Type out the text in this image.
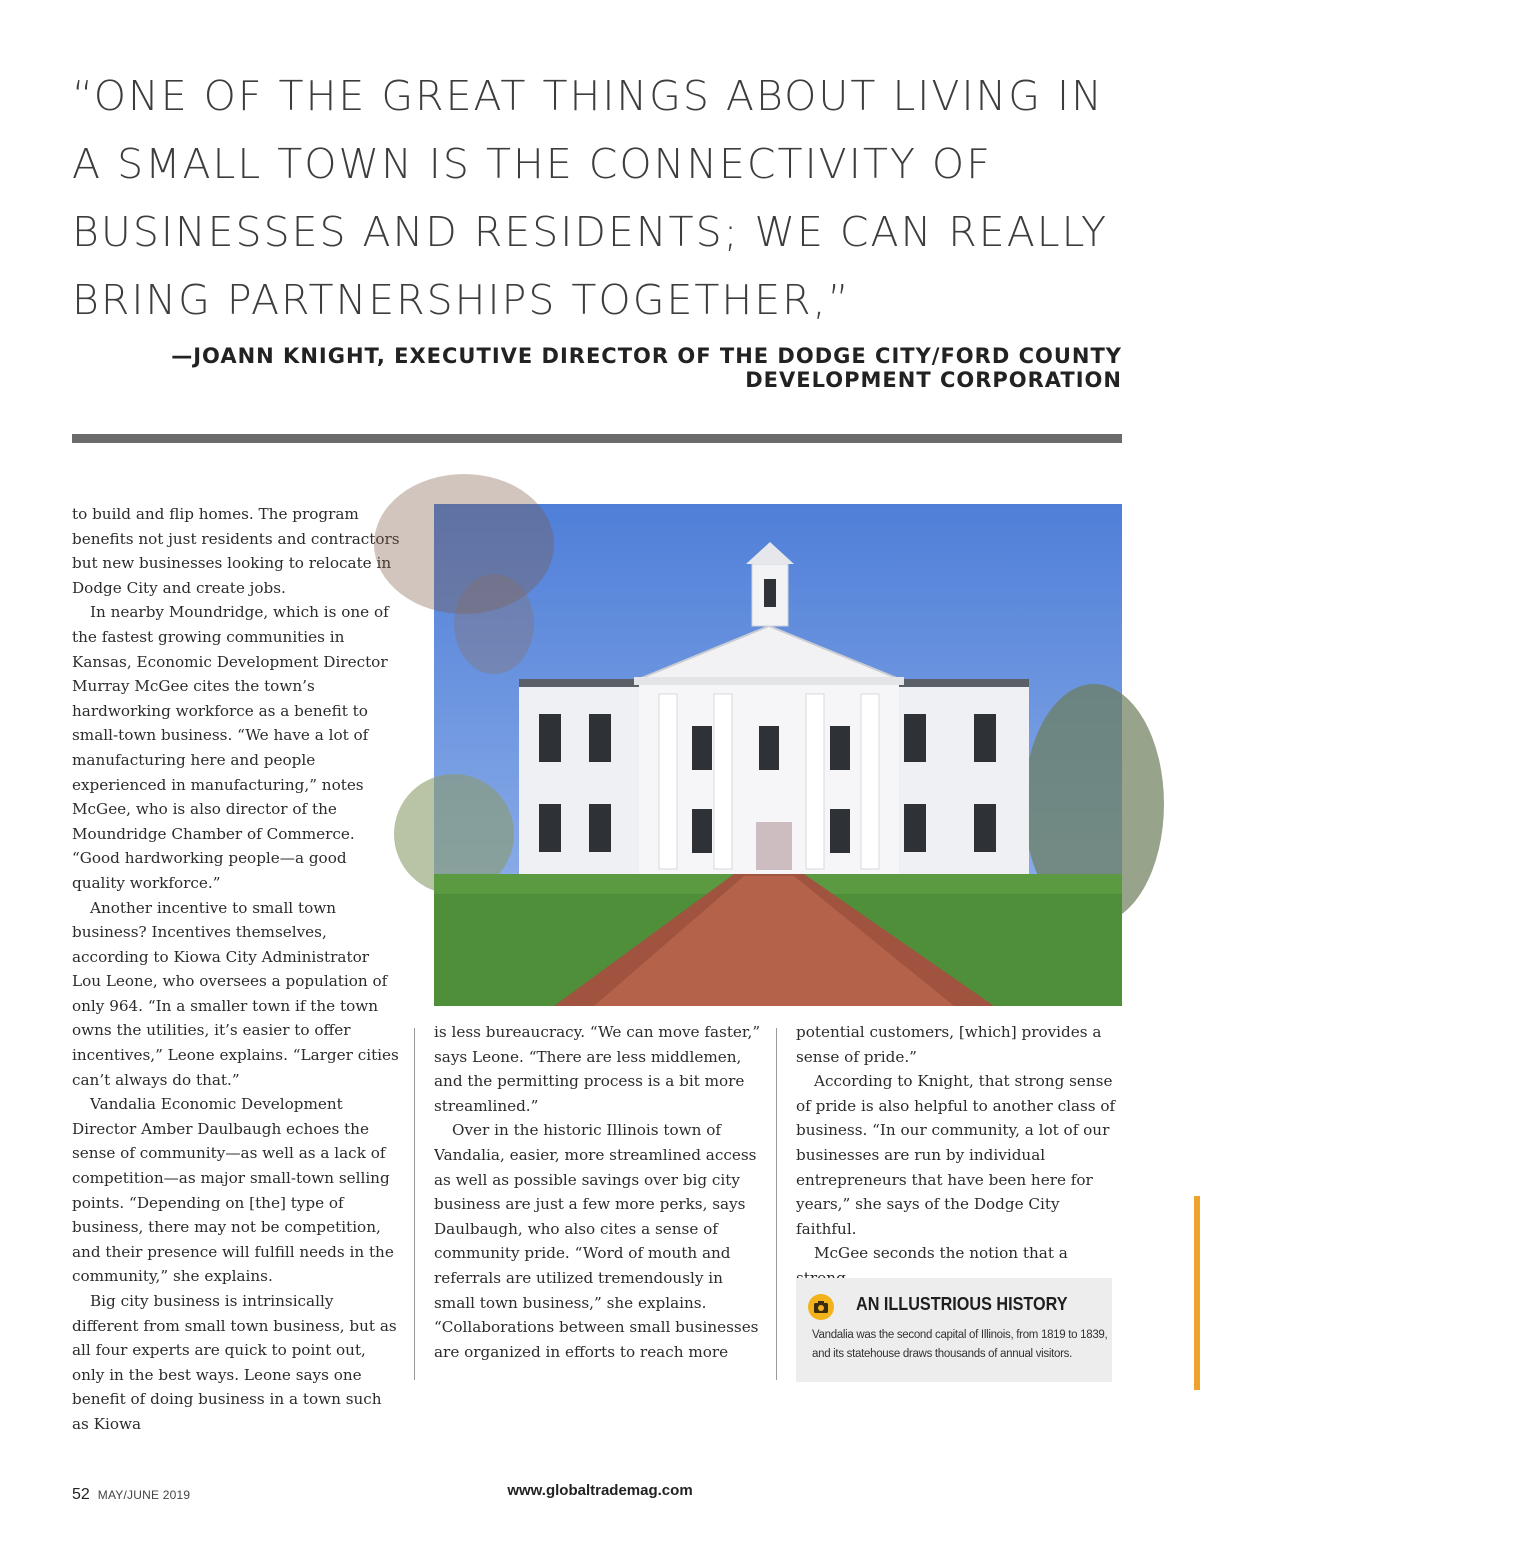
“ONE OF THE GREAT THINGS ABOUT LIVING IN A SMALL TOWN IS THE CONNECTIVITY OF BUSINESSES AND RESIDENTS; WE CAN REALLY BRING PARTNERSHIPS TOGETHER,”

—JOANN KNIGHT, EXECUTIVE DIRECTOR OF THE DODGE CITY/FORD COUNTY
DEVELOPMENT CORPORATION

to build and flip homes. The program benefits not just residents and contractors but new businesses looking to relocate in Dodge City and create jobs.

In nearby Moundridge, which is one of the fastest growing communities in Kansas, Economic Development Director Murray McGee cites the town’s hardworking workforce as a benefit to small-town business. “We have a lot of manufacturing here and people experienced in manufacturing,” notes McGee, who is also director of the Moundridge Chamber of Commerce. “Good hardworking people—a good quality workforce.”

Another incentive to small town business? Incentives themselves, according to Kiowa City Administrator Lou Leone, who oversees a population of only 964. “In a smaller town if the town owns the utilities, it’s easier to offer incentives,” Leone explains. “Larger cities can’t always do that.”

Vandalia Economic Development Director Amber Daulbaugh echoes the sense of community—as well as a lack of competition—as major small-town selling points. “Depending on [the] type of business, there may not be competition, and their presence will fulfill needs in the community,” she explains.

Big city business is intrinsically different from small town business, but as all four experts are quick to point out, only in the best ways. Leone says one benefit of doing business in a town such as Kiowa	BIGSTOCK

is less bureaucracy. “We can move faster,” says Leone. “There are less middlemen, and the permitting process is a bit more streamlined.”

Over in the historic Illinois town of Vandalia, easier, more streamlined access as well as possible savings over big city business are just a few more perks, says Daulbaugh, who also cites a sense of community pride. “Word of mouth and referrals are utilized tremendously in small town business,” she explains. “Collaborations between small businesses are organized in efforts to reach more

potential customers, [which] provides a sense of pride.”

According to Knight, that strong sense of pride is also helpful to another class of business. “In our community, a lot of our businesses are run by individual entrepreneurs that have been here for years,” she says of the Dodge City faithful.

McGee seconds the notion that a

AN ILLUSTRIOUS HISTORY
Vandalia was the second capital of Illinois, from 1819 to 1839, and its statehouse draws thousands of annual visitors.
52 MAY/JUNE 2019	www.globaltrademag.com
